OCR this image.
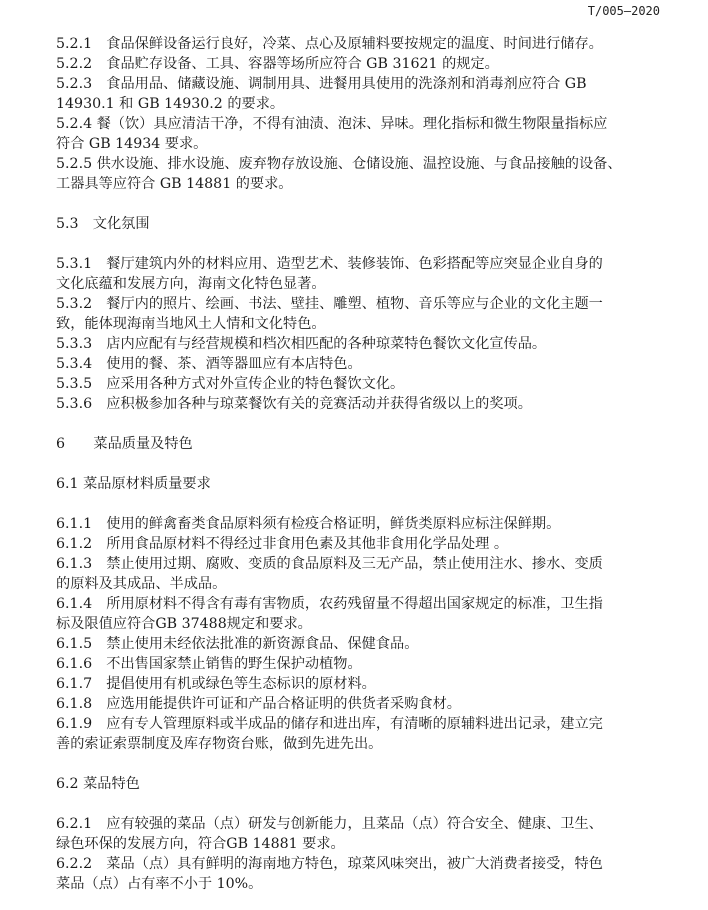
T/005—2020
5.2.1　食品保鲜设备运行良好，冷菜、点心及原辅料要按规定的温度、时间进行储存。
5.2.2　食品贮存设备、工具、容器等场所应符合 GB 31621 的规定。
5.2.3　食品用品、储藏设施、调制用具、进餐用具使用的洗涤剂和消毒剂应符合 GB
14930.1 和 GB 14930.2 的要求。
5.2.4 餐（饮）具应清洁干净，不得有油渍、泡沫、异味。理化指标和微生物限量指标应
符合 GB 14934 要求。
5.2.5 供水设施、排水设施、废弃物存放设施、仓储设施、温控设施、与食品接触的设备、
工器具等应符合 GB 14881 的要求。
5.3　文化氛围
5.3.1　餐厅建筑内外的材料应用、造型艺术、装修装饰、色彩搭配等应突显企业自身的
文化底蕴和发展方向，海南文化特色显著。
5.3.2　餐厅内的照片、绘画、书法、壁挂、雕塑、植物、音乐等应与企业的文化主题一
致，能体现海南当地风土人情和文化特色。
5.3.3　店内应配有与经营规模和档次相匹配的各种琼菜特色餐饮文化宣传品。
5.3.4　使用的餐、茶、酒等器皿应有本店特色。
5.3.5　应采用各种方式对外宣传企业的特色餐饮文化。
5.3.6　应积极参加各种与琼菜餐饮有关的竞赛活动并获得省级以上的奖项。
6　　菜品质量及特色
6.1 菜品原材料质量要求
6.1.1　使用的鲜禽畜类食品原料须有检疫合格证明，鲜货类原料应标注保鲜期。
6.1.2　所用食品原材料不得经过非食用色素及其他非食用化学品处理 。
6.1.3　禁止使用过期、腐败、变质的食品原料及三无产品，禁止使用注水、掺水、变质
的原料及其成品、半成品。
6.1.4　所用原材料不得含有毒有害物质，农药残留量不得超出国家规定的标准，卫生指
标及限值应符合GB 37488规定和要求。
6.1.5　禁止使用未经依法批准的新资源食品、保健食品。
6.1.6　不出售国家禁止销售的野生保护动植物。
6.1.7　提倡使用有机或绿色等生态标识的原材料。
6.1.8　应选用能提供许可证和产品合格证明的供货者采购食材。
6.1.9　应有专人管理原料或半成品的储存和进出库，有清晰的原辅料进出记录，建立完
善的索证索票制度及库存物资台账，做到先进先出。
6.2 菜品特色
6.2.1　应有较强的菜品（点）研发与创新能力，且菜品（点）符合安全、健康、卫生、
绿色环保的发展方向，符合GB 14881 要求。
6.2.2　菜品（点）具有鲜明的海南地方特色，琼菜风味突出，被广大消费者接受，特色
菜品（点）占有率不小于 10%。
